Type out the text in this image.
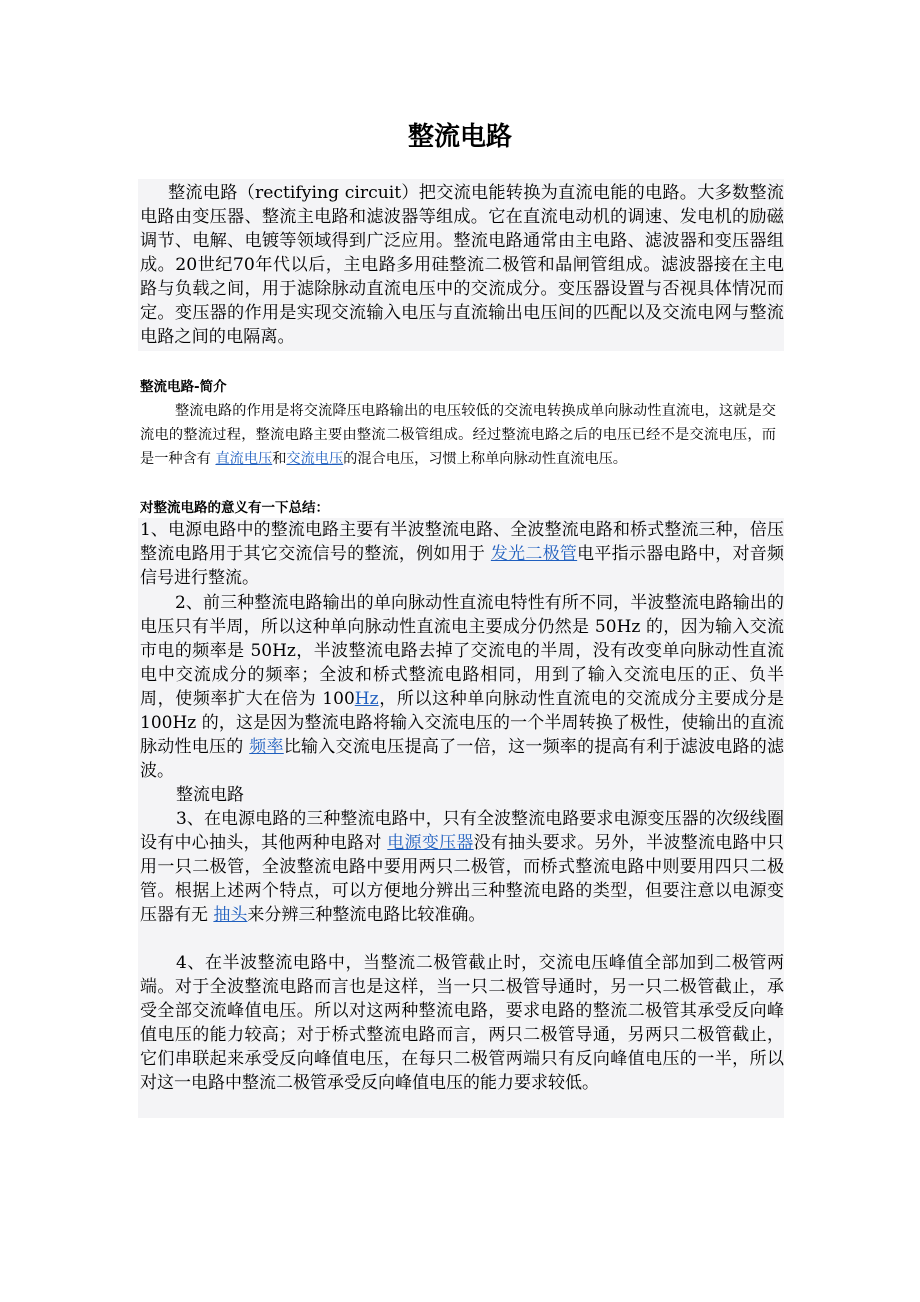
整流电路

整流电路（rectifying circuit）把交流电能转换为直流电能的电路。大多数整流电路由变压器、整流主电路和滤波器等组成。它在直流电动机的调速、发电机的励磁调节、电解、电镀等领域得到广泛应用。整流电路通常由主电路、滤波器和变压器组成。20世纪70年代以后，主电路多用硅整流二极管和晶闸管组成。滤波器接在主电路与负载之间，用于滤除脉动直流电压中的交流成分。变压器设置与否视具体情况而定。变压器的作用是实现交流输入电压与直流输出电压间的匹配以及交流电网与整流电路之间的电隔离。

整流电路-简介

整流电路的作用是将交流降压电路输出的电压较低的交流电转换成单向脉动性直流电，这就是交流电的整流过程，整流电路主要由整流二极管组成。经过整流电路之后的电压已经不是交流电压，而是一种含有 直流电压和交流电压的混合电压，习惯上称单向脉动性直流电压。

对整流电路的意义有一下总结：

1、电源电路中的整流电路主要有半波整流电路、全波整流电路和桥式整流三种，倍压整流电路用于其它交流信号的整流，例如用于 发光二极管电平指示器电路中，对音频信号进行整流。

2、前三种整流电路输出的单向脉动性直流电特性有所不同，半波整流电路输出的电压只有半周，所以这种单向脉动性直流电主要成分仍然是 50Hz 的，因为输入交流市电的频率是 50Hz，半波整流电路去掉了交流电的半周，没有改变单向脉动性直流电中交流成分的频率；全波和桥式整流电路相同，用到了输入交流电压的正、负半周，使频率扩大在倍为 100Hz，所以这种单向脉动性直流电的交流成分主要成分是 100Hz 的，这是因为整流电路将输入交流电压的一个半周转换了极性，使输出的直流脉动性电压的 频率比输入交流电压提高了一倍，这一频率的提高有利于滤波电路的滤波。

整流电路

3、在电源电路的三种整流电路中，只有全波整流电路要求电源变压器的次级线圈设有中心抽头，其他两种电路对 电源变压器没有抽头要求。另外，半波整流电路中只用一只二极管，全波整流电路中要用两只二极管，而桥式整流电路中则要用四只二极管。根据上述两个特点，可以方便地分辨出三种整流电路的类型，但要注意以电源变压器有无 抽头来分辨三种整流电路比较准确。

4、在半波整流电路中，当整流二极管截止时，交流电压峰值全部加到二极管两端。对于全波整流电路而言也是这样，当一只二极管导通时，另一只二极管截止，承受全部交流峰值电压。所以对这两种整流电路，要求电路的整流二极管其承受反向峰值电压的能力较高；对于桥式整流电路而言，两只二极管导通，另两只二极管截止，它们串联起来承受反向峰值电压，在每只二极管两端只有反向峰值电压的一半，所以对这一电路中整流二极管承受反向峰值电压的能力要求较低。
